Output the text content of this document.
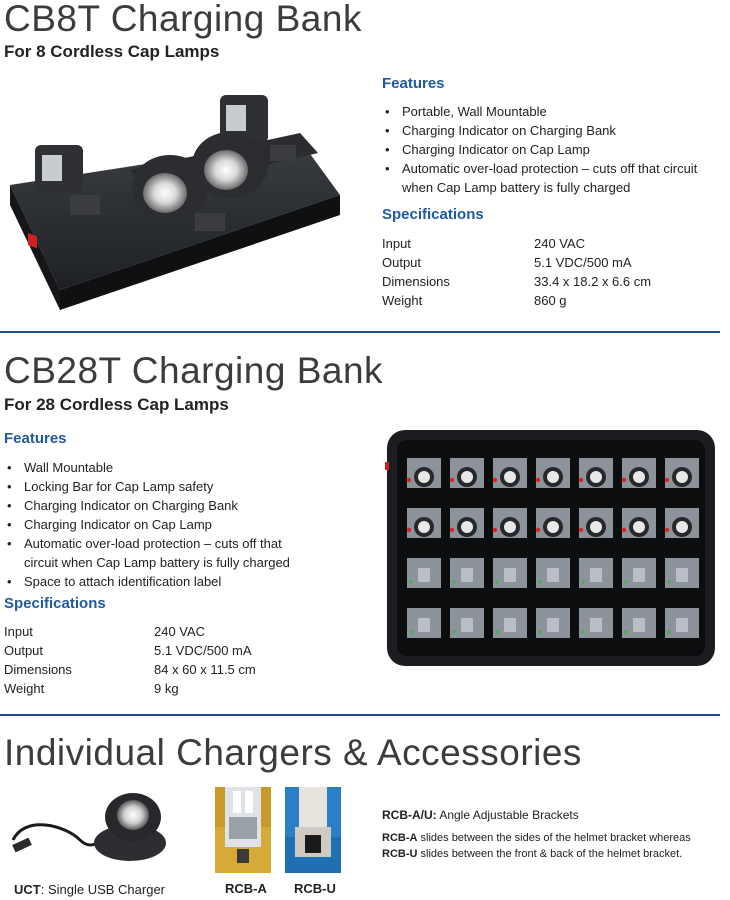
CB8T Charging Bank
For 8 Cordless Cap Lamps
Features
• Portable, Wall Mountable
• Charging Indicator on Charging Bank
• Charging Indicator on Cap Lamp
• Automatic over-load protection – cuts off that circuit when Cap Lamp battery is fully charged
Specifications
Input	240 VAC
Output	5.1 VDC/500 mA
Dimensions	33.4 x 18.2 x 6.6 cm
Weight	860 g
CB28T Charging Bank
For 28 Cordless Cap Lamps
Features
• Wall Mountable
• Locking Bar for Cap Lamp safety
• Charging Indicator on Charging Bank
• Charging Indicator on Cap Lamp
• Automatic over-load protection – cuts off that circuit when Cap Lamp battery is fully charged
• Space to attach identification label
Specifications
Input	240 VAC
Output	5.1 VDC/500 mA
Dimensions	84 x 60 x 11.5 cm
Weight	9 kg
Individual Chargers & Accessories
UCT: Single USB Charger	RCB-A RCB-U
RCB-A/U: Angle Adjustable Brackets
RCB-A slides between the sides of the helmet bracket whereas
RCB-U slides between the front & back of the helmet bracket.
